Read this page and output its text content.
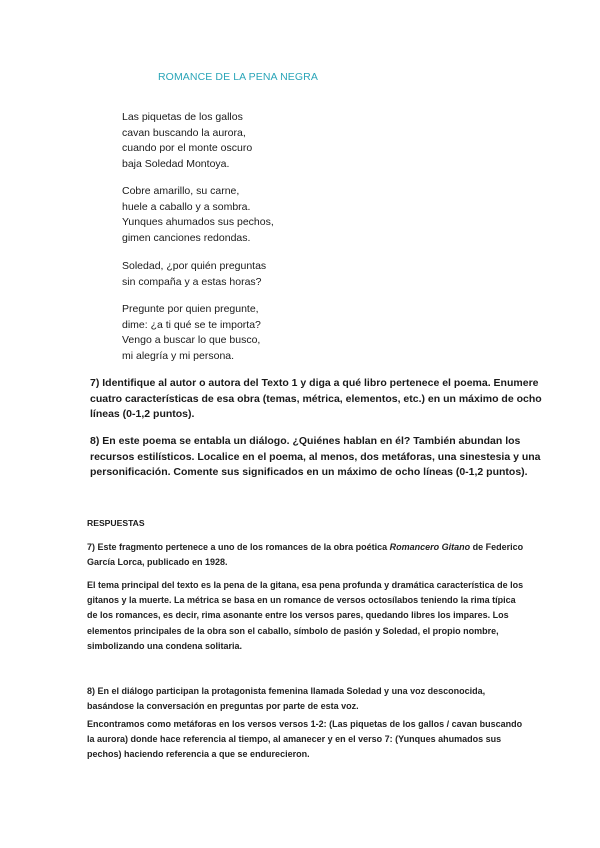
ROMANCE DE LA PENA NEGRA
Las piquetas de los gallos
cavan buscando la aurora,
cuando por el monte oscuro
baja Soledad Montoya.
Cobre amarillo, su carne,
huele a caballo y a sombra.
Yunques ahumados sus pechos,
gimen canciones redondas.
Soledad, ¿por quién preguntas
sin compaña y a estas horas?
Pregunte por quien pregunte,
dime: ¿a ti qué se te importa?
Vengo a buscar lo que busco,
mi alegría y mi persona.
7) Identifique al autor o autora del Texto 1 y diga a qué libro pertenece el poema. Enumere cuatro características de esa obra (temas, métrica, elementos, etc.) en un máximo de ocho líneas (0-1,2 puntos).
8) En este poema se entabla un diálogo. ¿Quiénes hablan en él? También abundan los recursos estilísticos. Localice en el poema, al menos, dos metáforas, una sinestesia y una personificación. Comente sus significados en un máximo de ocho líneas (0-1,2 puntos).
RESPUESTAS
7) Este fragmento pertenece a uno de los romances de la obra poética Romancero Gitano de Federico García Lorca, publicado en 1928.
El tema principal del texto es la pena de la gitana, esa pena profunda y dramática característica de los gitanos y la muerte. La métrica se basa en un romance de versos octosílabos teniendo la rima típica de los romances, es decir, rima asonante entre los versos pares, quedando libres los impares. Los elementos principales de la obra son el caballo, símbolo de pasión y Soledad, el propio nombre, simbolizando una condena solitaria.
8) En el diálogo participan la protagonista femenina llamada Soledad y una voz desconocida, basándose la conversación en preguntas por parte de esta voz.
Encontramos como metáforas en los versos versos 1-2: (Las piquetas de los gallos / cavan buscando la aurora) donde hace referencia al tiempo, al amanecer y en el verso 7: (Yunques ahumados sus pechos) haciendo referencia a que se endurecieron.
